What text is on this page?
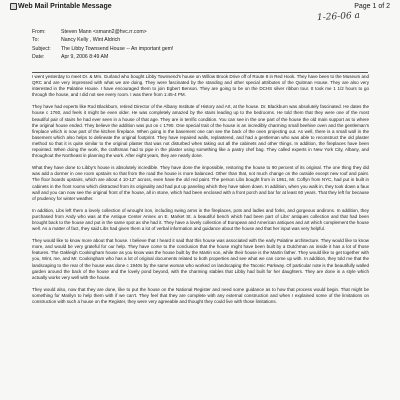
Web Mail Printable Message	Page 1 of 2
1-26-06 a
From:	Steven Mann <smann2@hvc.rr.com>
To:	Nancy Kelly , Wint Aldrich
Subject:	The Libby Townsend House -- An important gem!
Date:	Apr 9, 2006 8:49 AM

I went yesterday to meet Dr. & Mrs. Gurland who bought Libby Townsend's house on Willow Brook Drive off of Route 8 in Red Hook. They have been to the Museum and QRC and are very impressed with what we are doing. They were fascinated by the standing and other special attributes of the Quitman House. They are also very interested in the Palatine House. I have encouraged them to join Egbert Benson. They are going to be on the DCHS silver ribbon tour. It took me 1 1/2 hours to go through the house, and I did not see every room. I was there from 1:45-4 PM.

They have had experts like Rod Blackburn, retired Director of the Albany Institute of History and Art, at the house. Dr. Blackburn was absolutely fascinated. He dates the house c 1760, and feels it might be even older. He was completely amazed by the stairs leading up to the bedrooms. He told them that they were one of the most beautiful pair of stairs he had ever seen in a house of that age. They are in terrific condition. You can see in the one part of the house the old main support as to where the original house ended. They believe the addition was put on c 1790. One special trait of the house is an incredibly charming small beehive oven and the gentleman's fireplace which is now part of the kitchen fireplace. When going in the basement one can see the back of the oven projecting out. As well, there is a small wall in the basement which also helps to delineate the original footprint. They have repaired walls, replastered, and had a gentleman who was able to reconstruct the old plaster method so that it is quite similar to the original plaster that was not disturbed when taking out all the cabinets and other things. In addition, the fireplaces have been repointed. When doing the work, the craftsman had to pipe in the plaster using something like a pastry chef bag. They called experts in New York City, Albany, and throughout the Northeast in planning the work. After eight years, they are nearly done.

What they have done to Libby's house is absolutely incredible. They have done the impossible, restoring the house to 90 percent of its original. The one thing they did was add a dormer in one room upstairs so that from the road the house is more balanced. Other than that, not much change on the outside except new roof and paint. The floor boards upstairs, which are about 4 10-12" across, even have the old red paint. The person Libs bought from in 1951, Mr. Coffyn from NYC, had put in built in cabinets in the front rooms which distracted from its originality and had put up paneling which they have taken down. In addition, when you walk in, they took down a faux wall and you can now see the original front of the house, all in stone, which had been enclosed with a front porch and bar for at least 60 years. That they left for because of prudency for winter weather.

In addition, Libs left them a lovely collection of wrought iron, including swing arms in the fireplaces, pots and ladles and forks, and gorgeous andirons. In addition, they purchased from Andy who was at the Antique Center Annex on E. Market St. a beautiful bench which had been part of Libs' antiques collection and that had been brought back to the house and put in the same spot as she had it. They have a lovely collection of European and American antiques and art which complement the house well. As a matter of fact, they said Libs had given them a lot of verbal information and guidance about the house and that her input was very helpful.

They would like to know more about that house. I believe that I heard it said that this house was associated with the early Palatine architecture. They would like to know more, and would be very grateful for our help. They have come to the conclusion that the house might have been built by a Dutchman as inside it has a lot of those features. The Oakleigh Cookingham house as you know was the house built by the Martin son, while their house is the Martin father. They would like to get together with you, Wint, me, and Mr. Cookingham who has a lot of original documents related to both properties and see what we can come up with. In addition, they told me that the landscaping to the rear of the house was done c 1940s by the same woman who worked on landscaping the Taconic Parkway. Of particular note is the beautifully walled garden around the back of the house and the lovely pond beyond, with the charming stables that Libby had built for her daughters. They are done in a style which actually works very well with the house.

They would also, now that they are done, like to put the house on the National Register and need some guidance as to how that process would begin. That might be something for Marilyn to help them with if we can't. They feel that they are complete with any external construction and when I explained some of the limitations on construction with such a house on the Register, they were very agreeable and thought they could live with those limitations.
